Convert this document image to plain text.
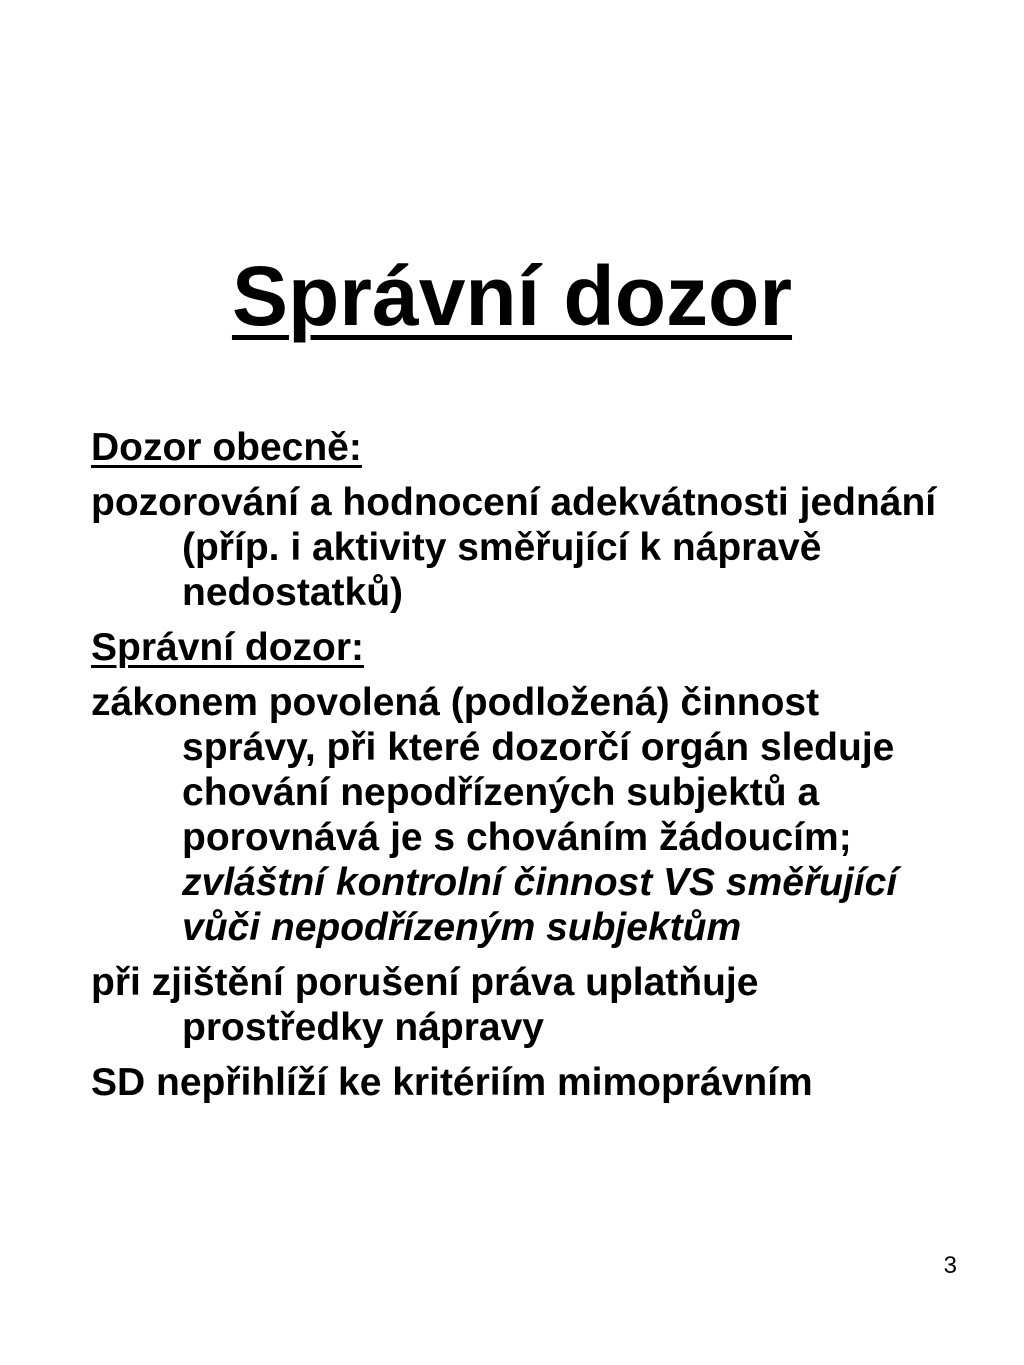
Správní dozor

Dozor obecně:

pozorování a hodnocení adekvátnosti jednání (příp. i aktivity směřující k nápravě nedostatků)

Správní dozor:

zákonem povolená (podložená) činnost správy, při které dozorčí orgán sleduje chování nepodřízených subjektů a porovnává je s chováním žádoucím; zvláštní kontrolní činnost VS směřující vůči nepodřízeným subjektům

při zjištění porušení práva uplatňuje prostředky nápravy

SD nepřihlíží ke kritériím mimoprávním

3
